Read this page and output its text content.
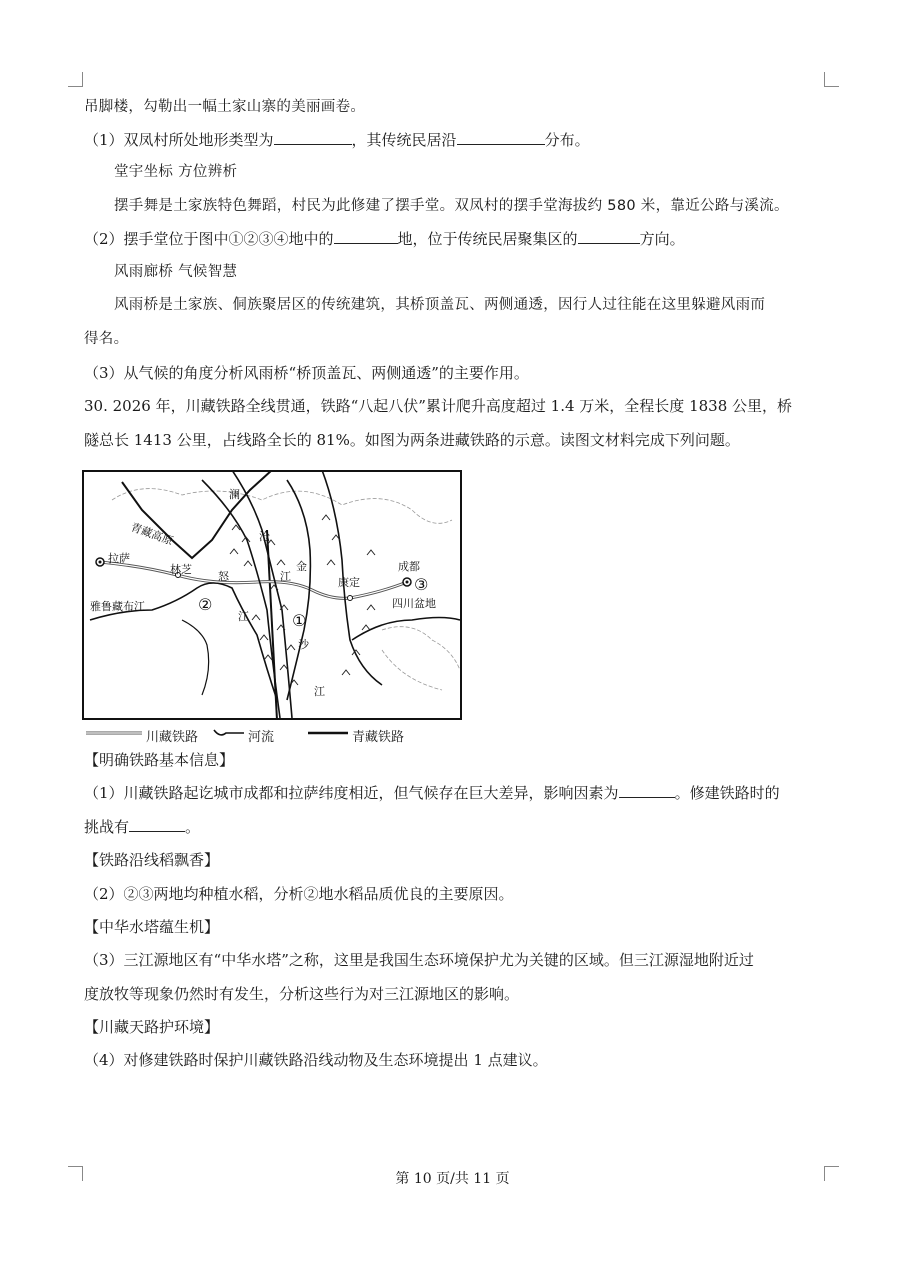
吊脚楼，勾勒出一幅土家山寨的美丽画卷。
（1）双凤村所处地形类型为	，其传统民居沿	分布。
堂宇坐标 方位辨析
摆手舞是土家族特色舞蹈，村民为此修建了摆手堂。双凤村的摆手堂海拔约 580 米，靠近公路与溪流。
（2）摆手堂位于图中①②③④地中的	地，位于传统民居聚集区的	方向。
风雨廊桥 气候智慧
风雨桥是土家族、侗族聚居区的传统建筑，其桥顶盖瓦、两侧通透，因行人过往能在这里躲避风雨而
得名。
（3）从气候的角度分析风雨桥“桥顶盖瓦、两侧通透”的主要作用。
30. 2026 年，川藏铁路全线贯通，铁路“八起八伏”累计爬升高度超过 1.4 万米，全程长度 1838 公里，桥
隧总长 1413 公里，占线路全长的 81%。如图为两条进藏铁路的示意。读图文材料完成下列问题。
青藏高原
拉萨
林芝
②
雅鲁藏布江
怒
江
澜
沧
金
江
沙
江
①
康定
成都
③
四川盆地
川藏铁路	河流	青藏铁路
【明确铁路基本信息】
（1）川藏铁路起讫城市成都和拉萨纬度相近，但气候存在巨大差异，影响因素为	。修建铁路时的
挑战有	。
【铁路沿线稻飘香】
（2）②③两地均种植水稻，分析②地水稻品质优良的主要原因。
【中华水塔蕴生机】
（3）三江源地区有“中华水塔”之称，这里是我国生态环境保护尤为关键的区域。但三江源湿地附近过
度放牧等现象仍然时有发生，分析这些行为对三江源地区的影响。
【川藏天路护环境】
（4）对修建铁路时保护川藏铁路沿线动物及生态环境提出 1 点建议。
第 10 页/共 11 页
